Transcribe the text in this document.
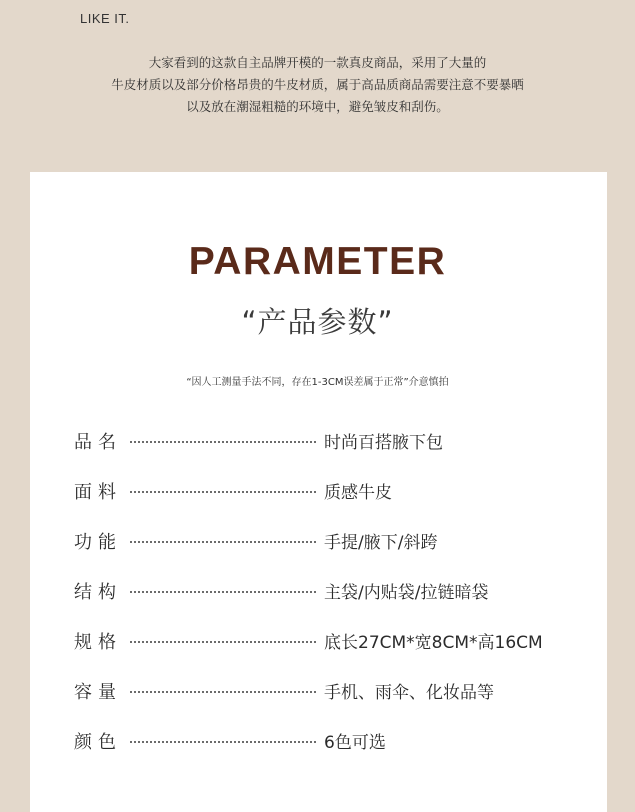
LIKE IT.
大家看到的这款自主品牌开模的一款真皮商品，采用了大量的
牛皮材质以及部分价格昂贵的牛皮材质，属于高品质商品需要注意不要暴晒
以及放在潮湿粗糙的环境中，避免皱皮和刮伤。
PARAMETER
“产品参数”
“因人工测量手法不同，存在1-3CM误差属于正常”介意慎拍
品名	时尚百搭腋下包
面料	质感牛皮
功能	手提/腋下/斜跨
结构	主袋/内贴袋/拉链暗袋
规格	底长27CM*宽8CM*高16CM
容量	手机、雨伞、化妆品等
颜色	6色可选
